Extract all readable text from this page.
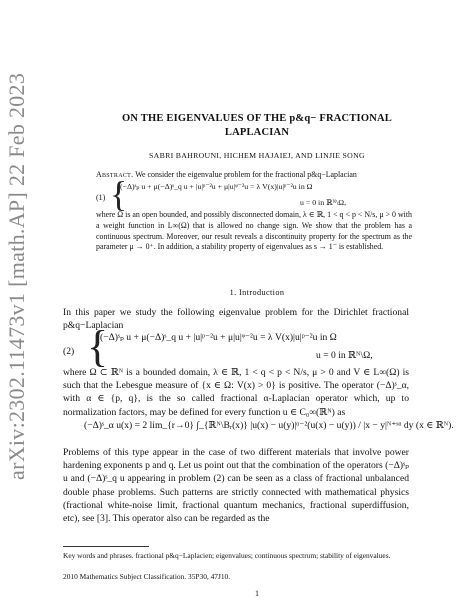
arXiv:2302.11473v1 [math.AP] 22 Feb 2023	ON THE EIGENVALUES OF THE p&q− FRACTIONAL
LAPLACIAN
SABRI BAHROUNI, HICHEM HAJAIEJ, AND LINJIE SONG
Abstract. We consider the eigenvalue problem for the fractional p&q−Laplacian
(1) {
(−Δ)ˢₚ u + μ(−Δ)ˢ_q u + |u|ᵖ⁻²u + μ|u|ᵠ⁻²u = λ V(x)|u|ᵖ⁻²u in Ω
u = 0 in ℝᴺ\Ω,
where Ω is an open bounded, and possibly disconnected domain, λ ∈ ℝ, 1 < q < p < N/s, μ > 0 with a weight function in L∞(Ω) that is allowed no change sign. We show that the problem has a continuous spectrum. Moreover, our result reveals a discontinuity property for the spectrum as the parameter μ → 0⁺. In addition, a stability property of eigenvalues as s → 1⁻ is established.
1. Introduction
In this paper we study the following eigenvalue problem for the Dirichlet fractional p&q−Laplacian
(2) {
(−Δ)ˢₚ u + μ(−Δ)ˢ_q u + |u|ᵖ⁻²u + μ|u|ᵠ⁻²u = λ V(x)|u|ᵖ⁻²u in Ω
u = 0 in ℝᴺ\Ω,
where Ω ⊂ ℝᴺ is a bounded domain, λ ∈ ℝ, 1 < q < p < N/s, μ > 0 and V ∈ L∞(Ω) is such that the Lebesgue measure of {x ∈ Ω: V(x) > 0} is positive. The operator (−Δ)ˢ_α, with α ∈ {p, q}, is the so called fractional α-Laplacian operator which, up to normalization factors, may be defined for every function u ∈ C₀∞(ℝᴺ) as
(−Δ)ˢ_α u(x) = 2 lim_{r→0} ∫_{ℝᴺ\Bᵣ(x)} |u(x) − u(y)|ᵅ⁻²(u(x) − u(y)) / |x − y|ᴺ⁺ˢᵅ dy (x ∈ ℝᴺ).
Problems of this type appear in the case of two different materials that involve power hardening exponents p and q. Let us point out that the combination of the operators (−Δ)ˢₚ u and (−Δ)ˢ_q u appearing in problem (2) can be seen as a class of fractional unbalanced double phase problems. Such patterns are strictly connected with mathematical physics (fractional white-noise limit, fractional quantum mechanics, fractional superdiffusion, etc), see [3]. This operator also can be regarded as the
Key words and phrases. fractional p&q−Laplacien; eigenvalues; continuous spectrum; stability of eigenvalues.
2010 Mathematics Subject Classification. 35P30, 47J10.
1
